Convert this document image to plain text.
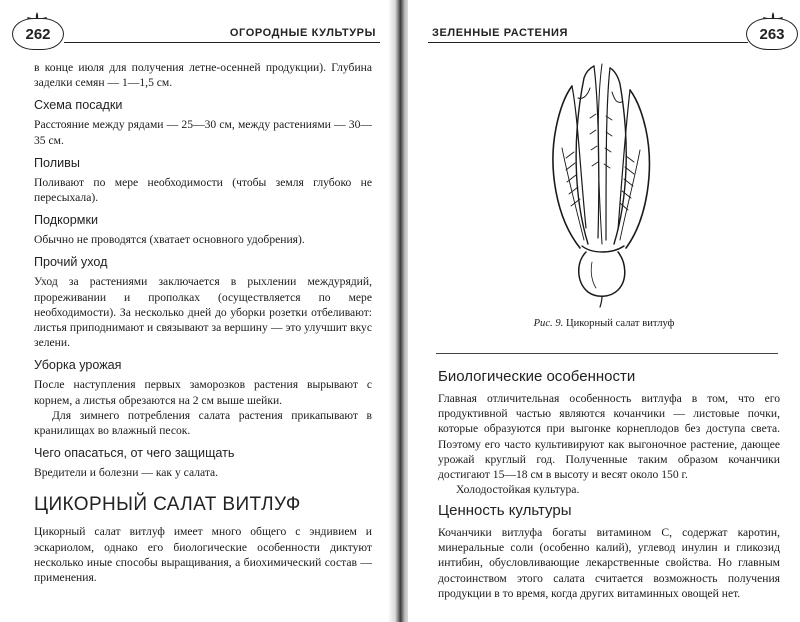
262	ОГОРОДНЫЕ КУЛЬТУРЫ

в конце июля для получения летне-осенней продукции). Глубина заделки семян — 1—1,5 см.

Схема посадки

Расстояние между рядами — 25—30 см, между растениями — 30—35 см.

Поливы

Поливают по мере необходимости (чтобы земля глубоко не пересыхала).

Подкормки

Обычно не проводятся (хватает основного удобрения).

Прочий уход

Уход за растениями заключается в рыхлении междурядий, прореживании и прополках (осуществляется по мере необходимости). За несколько дней до уборки розетки отбеливают: листья приподнимают и связывают за вершину — это улучшит вкус зелени.

Уборка урожая

После наступления первых заморозков растения вырывают с корнем, а листья обрезаются на 2 см выше шейки.

Для зимнего потребления салата растения прикапывают в кранилищах во влажный песок.

Чего опасаться, от чего защищать

Вредители и болезни — как у салата.

ЦИКОРНЫЙ САЛАТ ВИТЛУФ

Цикорный салат витлуф имеет много общего с эндивием и эскариолом, однако его биологические особенности диктуют несколько иные способы выращивания, а биохимический состав — применения.

ЗЕЛЕННЫЕ РАСТЕНИЯ	263
Рис. 9. Цикорный салат витлуф
Биологические особенности

Главная отличительная особенность витлуфа в том, что его продуктивной частью являются кочанчики — листовые почки, которые образуются при выгонке корнеплодов без доступа света. Поэтому его часто культивируют как выгоночное растение, дающее урожай круглый год. Полученные таким образом кочанчики достигают 15—18 см в высоту и весят около 150 г.

Холодостойкая культура.

Ценность культуры

Кочанчики витлуфа богаты витамином С, содержат каротин, минеральные соли (особенно калий), углевод инулин и гликозид интибин, обусловливающие лекарственные свойства. Но главным достоинством этого салата считается возможность получения продукции в то время, когда других витаминных овощей нет.
